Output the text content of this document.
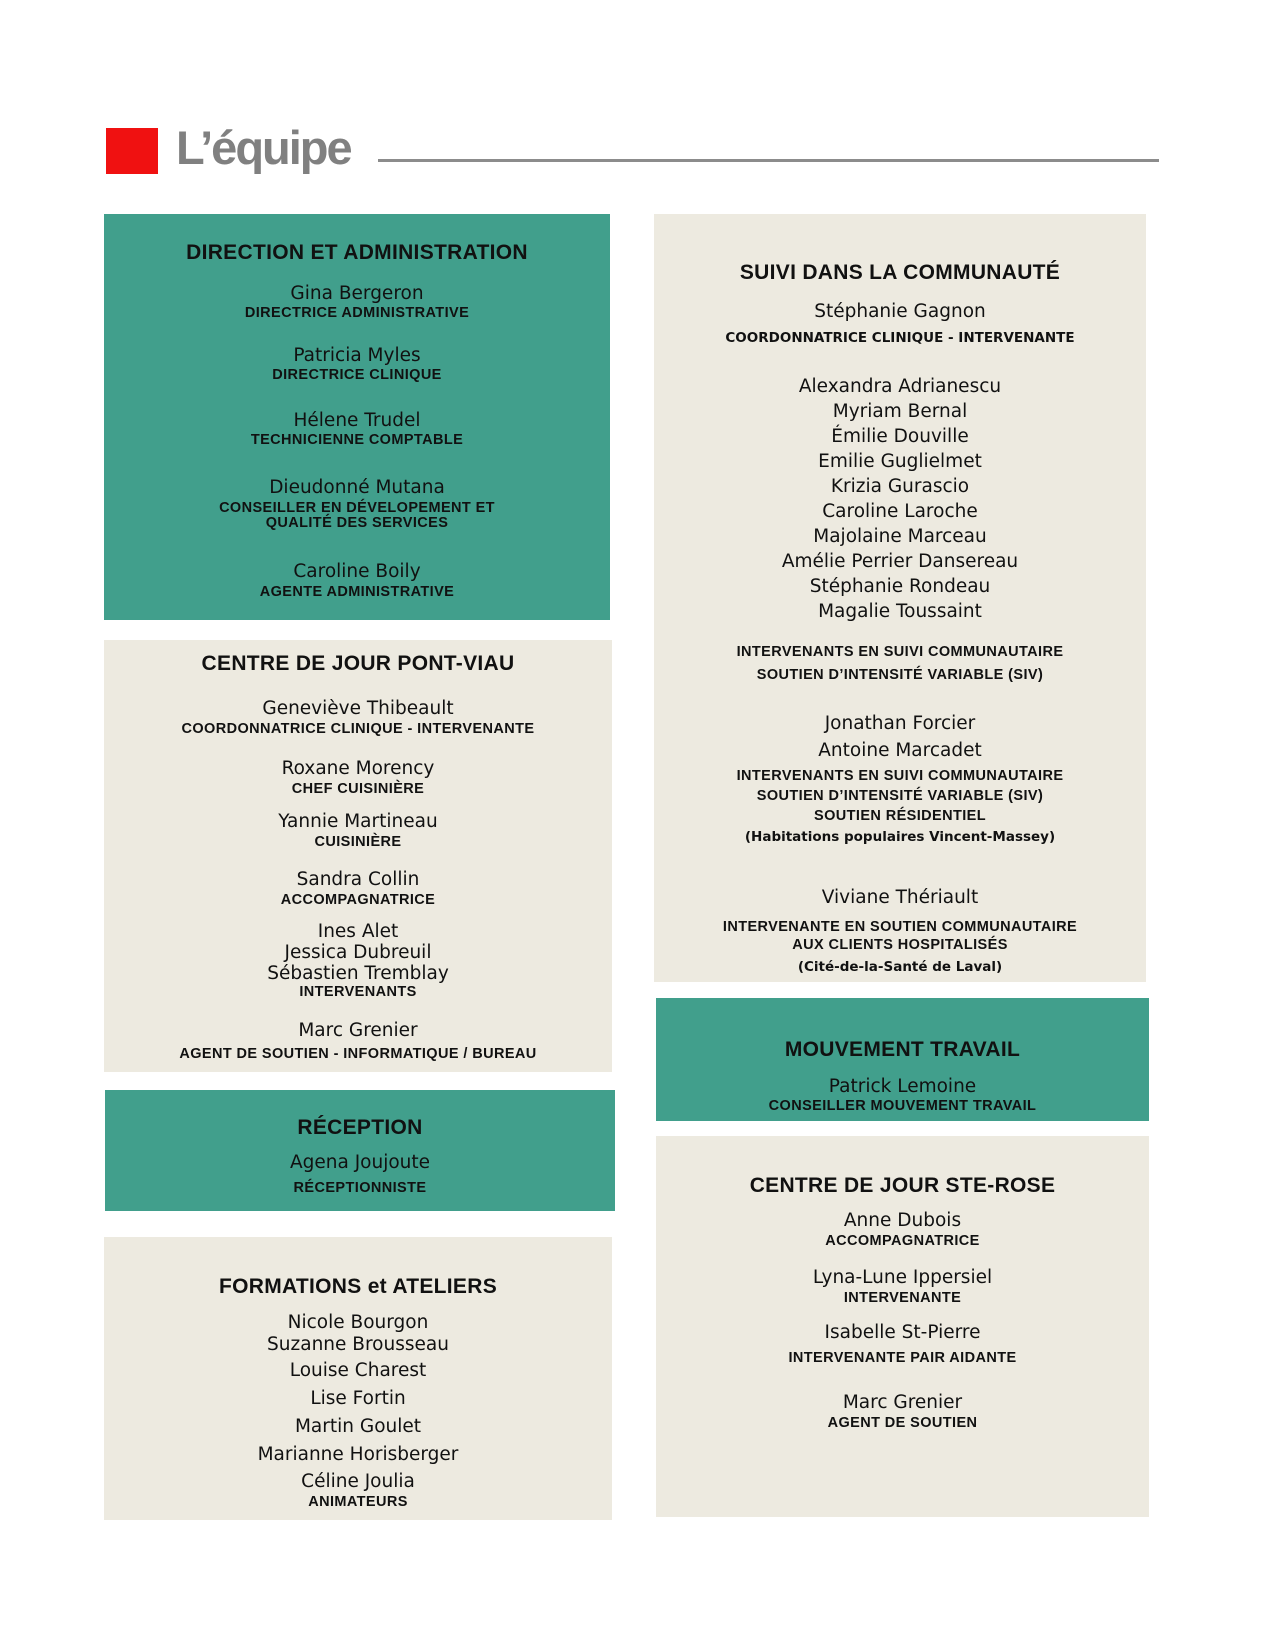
L’équipe
DIRECTION ET ADMINISTRATION

Gina Bergeron

DIRECTRICE ADMINISTRATIVE

Patricia Myles

DIRECTRICE CLINIQUE

Hélene Trudel

TECHNICIENNE COMPTABLE

Dieudonné Mutana

CONSEILLER EN DÉVELOPEMENT ET

QUALITÉ DES SERVICES

Caroline Boily

AGENTE ADMINISTRATIVE

CENTRE DE JOUR PONT-VIAU

Geneviève Thibeault

COORDONNATRICE CLINIQUE - INTERVENANTE

Roxane Morency

CHEF CUISINIÈRE

Yannie Martineau

CUISINIÈRE

Sandra Collin

ACCOMPAGNATRICE

Ines Alet

Jessica Dubreuil

Sébastien Tremblay

INTERVENANTS

Marc Grenier

AGENT DE SOUTIEN - INFORMATIQUE / BUREAU

RÉCEPTION

Agena Joujoute

RÉCEPTIONNISTE

FORMATIONS et ATELIERS

Nicole Bourgon

Suzanne Brousseau

Louise Charest

Lise Fortin

Martin Goulet

Marianne Horisberger

Céline Joulia

ANIMATEURS

SUIVI DANS LA COMMUNAUTÉ

Stéphanie Gagnon

COORDONNATRICE CLINIQUE - INTERVENANTE

Alexandra Adrianescu

Myriam Bernal

Émilie Douville

Emilie Guglielmet

Krizia Gurascio

Caroline Laroche

Majolaine Marceau

Amélie Perrier Dansereau

Stéphanie Rondeau

Magalie Toussaint

INTERVENANTS EN SUIVI COMMUNAUTAIRE

SOUTIEN D’INTENSITÉ VARIABLE (SIV)

Jonathan Forcier

Antoine Marcadet

INTERVENANTS EN SUIVI COMMUNAUTAIRE

SOUTIEN D’INTENSITÉ VARIABLE (SIV)

SOUTIEN RÉSIDENTIEL

(Habitations populaires Vincent-Massey)

Viviane Thériault

INTERVENANTE EN SOUTIEN COMMUNAUTAIRE

AUX CLIENTS HOSPITALISÉS

(Cité-de-la-Santé de Laval)

MOUVEMENT TRAVAIL

Patrick Lemoine

CONSEILLER MOUVEMENT TRAVAIL

CENTRE DE JOUR STE-ROSE

Anne Dubois

ACCOMPAGNATRICE

Lyna-Lune Ippersiel

INTERVENANTE

Isabelle St-Pierre

INTERVENANTE PAIR AIDANTE

Marc Grenier

AGENT DE SOUTIEN
